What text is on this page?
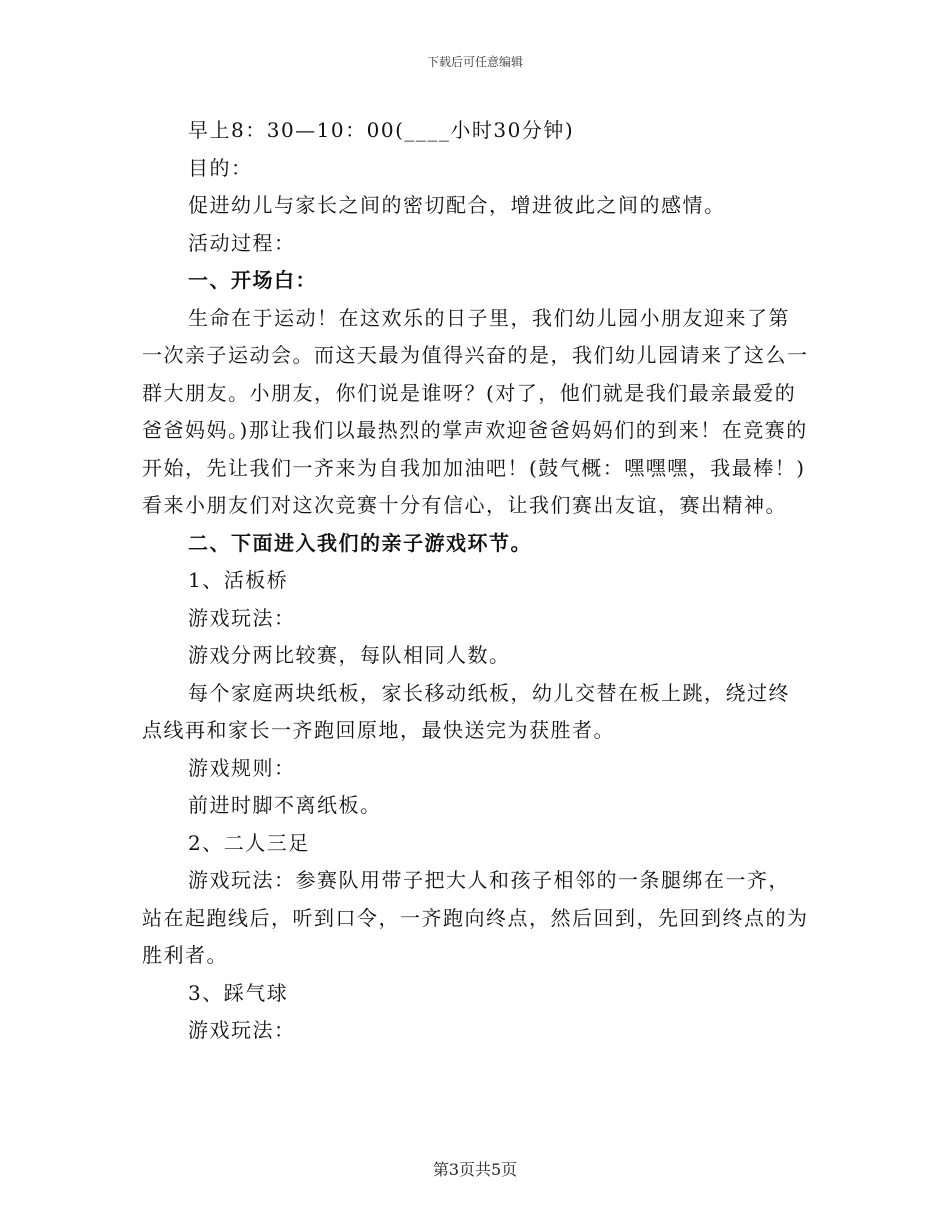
下载后可任意编辑

早上8：30—10：00(____小时30分钟)

目的：

促进幼儿与家长之间的密切配合，增进彼此之间的感情。

活动过程：

一、开场白：

生命在于运动！在这欢乐的日子里，我们幼儿园小朋友迎来了第一次亲子运动会。而这天最为值得兴奋的是，我们幼儿园请来了这么一群大朋友。小朋友，你们说是谁呀？(对了，他们就是我们最亲最爱的爸爸妈妈。)那让我们以最热烈的掌声欢迎爸爸妈妈们的到来！在竞赛的开始，先让我们一齐来为自我加加油吧！(鼓气概：嘿嘿嘿，我最棒！)看来小朋友们对这次竞赛十分有信心，让我们赛出友谊，赛出精神。

二、下面进入我们的亲子游戏环节。

1、活板桥

游戏玩法：

游戏分两比较赛，每队相同人数。

每个家庭两块纸板，家长移动纸板，幼儿交替在板上跳，绕过终点线再和家长一齐跑回原地，最快送完为获胜者。

游戏规则：

前进时脚不离纸板。

2、二人三足

游戏玩法：参赛队用带子把大人和孩子相邻的一条腿绑在一齐，站在起跑线后，听到口令，一齐跑向终点，然后回到，先回到终点的为胜利者。

3、踩气球

游戏玩法：

第3页共5页
